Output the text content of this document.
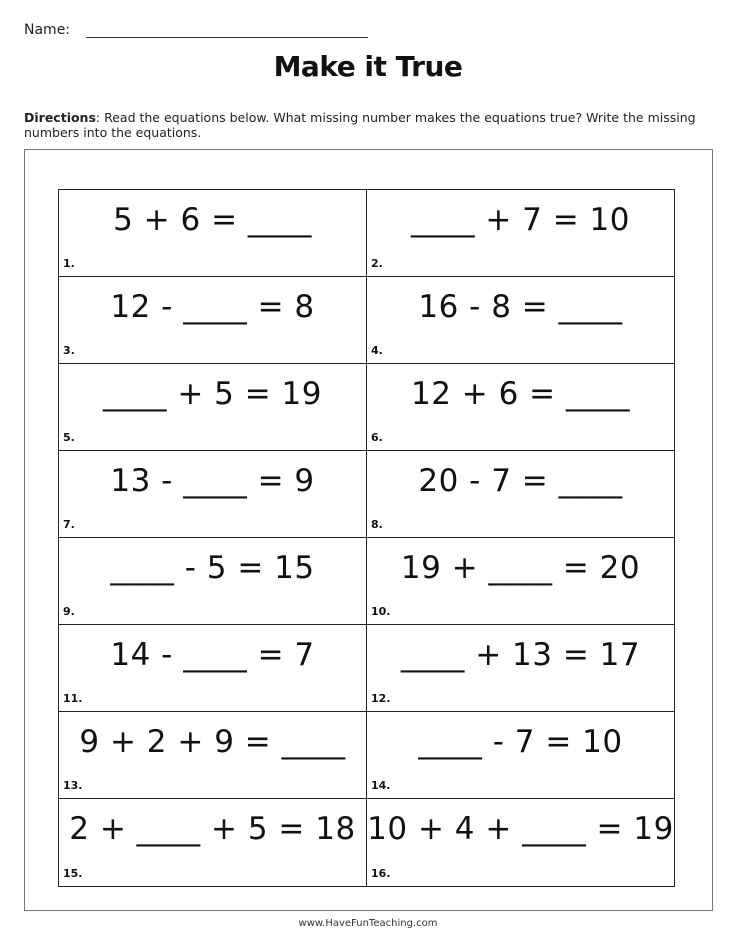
Name:
Make it True
Directions: Read the equations below. What missing number makes the equations true? Write the missing numbers into the equations.
5 + 6 = ____
1.
____ + 7 = 10
2.
12 - ____ = 8
3.
16 - 8 = ____
4.
____ + 5 = 19
5.
12 + 6 = ____
6.
13 - ____ = 9
7.
20 - 7 = ____
8.
____ - 5 = 15
9.
19 + ____ = 20
10.
14 - ____ = 7
11.
____ + 13 = 17
12.
9 + 2 + 9 = ____
13.
____ - 7 = 10
14.
2 + ____ + 5 = 18
15.
10 + 4 + ____ = 19
16.
www.HaveFunTeaching.com
